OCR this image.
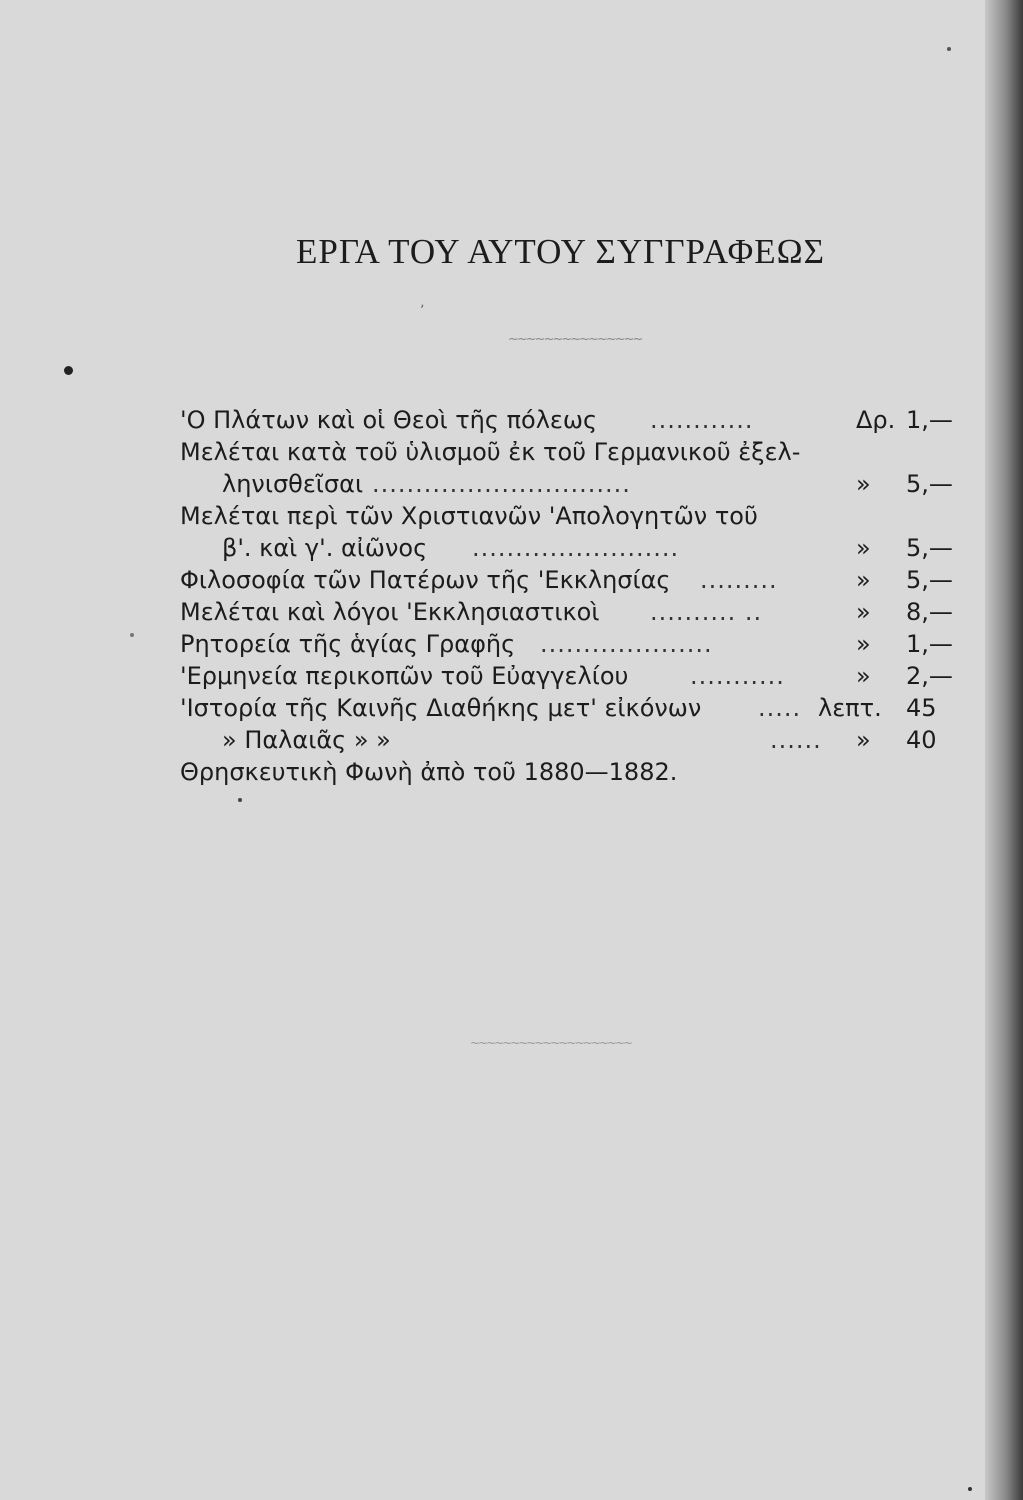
ΕΡΓΑ ΤΟΥ ΑΥΤΟΥ ΣΥΓΓΡΑΦΕΩΣ
~~~~~~~~~~~~~~~
ʼ
'Ο Πλάτων καὶ οἱ Θεοὶ τῆς πόλεως ............	Δρ. 1,—
Μελέται κατὰ τοῦ ὑλισμοῦ ἐκ τοῦ Γερμανικοῦ ἐξελ-
ληνισθεῖσαι ..............................	» 5,—
Μελέται περὶ τῶν Χριστιανῶν 'Απολογητῶν τοῦ
β'. καὶ γ'. αἰῶνος ........................	» 5,—
Φιλοσοφία τῶν Πατέρων τῆς 'Εκκλησίας .........	» 5,—
Μελέται καὶ λόγοι 'Εκκλησιαστικοὶ .......... ..	» 8,—
Ρητορεία τῆς ἁγίας Γραφῆς ....................	» 1,—
'Ερμηνεία περικοπῶν τοῦ Εὐαγγελίου	...........	» 2,—
'Ιστορία τῆς Καινῆς Διαθήκης μετ' εἰκόνων ..... λεπτ. 45
» Παλαιᾶς » »	...... » 40
Θρησκευτικὴ Φωνὴ ἀπὸ τοῦ 1880—1882.
~~~~~~~~~~~~~~~~~~~~
